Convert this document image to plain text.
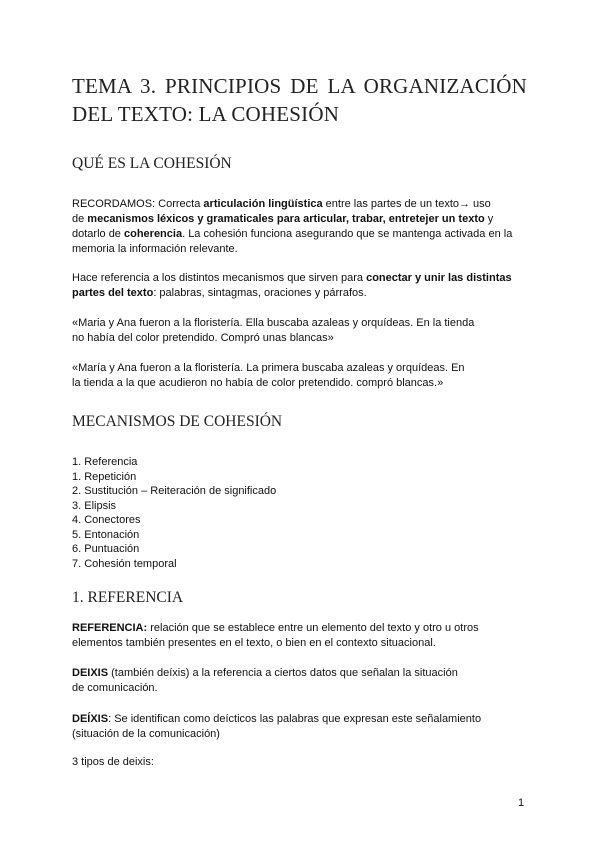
TEMA 3. PRINCIPIOS DE LA ORGANIZACIÓN DEL TEXTO: LA COHESIÓN
QUÉ ES LA COHESIÓN

RECORDAMOS: Correcta articulación lingüística entre las partes de un texto→ uso
de mecanismos léxicos y gramaticales para articular, trabar, entretejer un texto y
dotarlo de coherencia. La cohesión funciona asegurando que se mantenga activada en la
memoria la información relevante.

Hace referencia a los distintos mecanismos que sirven para conectar y unir las distintas
partes del texto: palabras, sintagmas, oraciones y párrafos.

«Maria y Ana fueron a la floristería. Ella buscaba azaleas y orquídeas. En la tienda
no había del color pretendido. Compró unas blancas»

«María y Ana fueron a la floristería. La primera buscaba azaleas y orquídeas. En
la tienda a la que acudieron no había de color pretendido. compró blancas.»

MECANISMOS DE COHESIÓN
1. Referencia
1. Repetición
2. Sustitución – Reiteración de significado
3. Elipsis
4. Conectores
5. Entonación
6. Puntuación
7. Cohesión temporal
1. REFERENCIA

REFERENCIA: relación que se establece entre un elemento del texto y otro u otros
elementos también presentes en el texto, o bien en el contexto situacional.

DEIXIS (también deíxis) a la referencia a ciertos datos que señalan la situación
de comunicación.

DEÍXIS: Se identifican como deícticos las palabras que expresan este señalamiento
(situación de la comunicación)

3 tipos de deixis:

1
